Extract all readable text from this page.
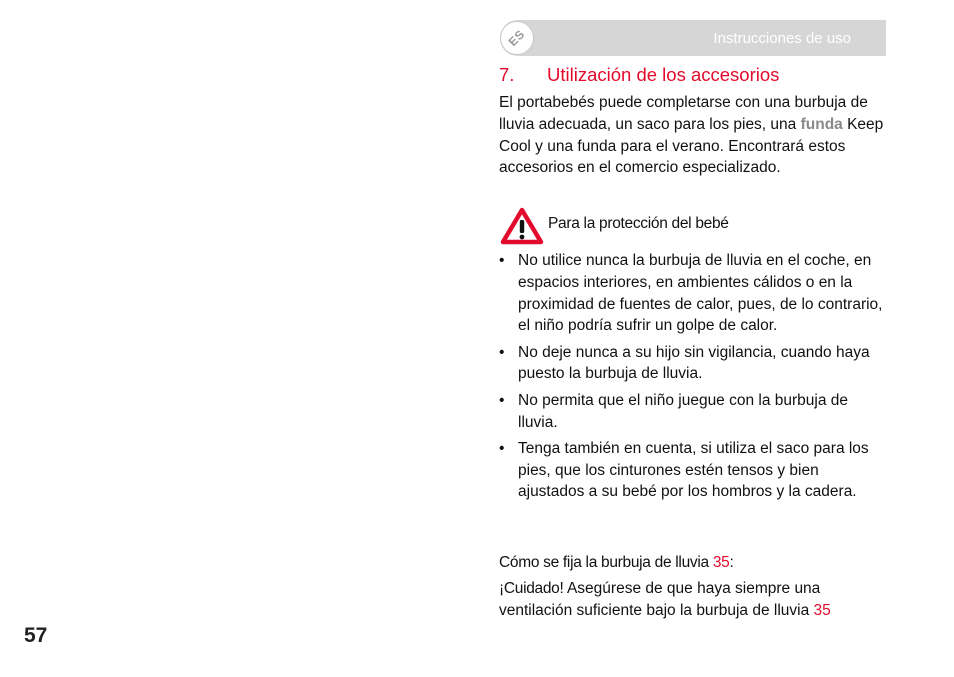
ES	Instrucciones de uso
7.	Utilización de los accesorios

El portabebés puede completarse con una burbuja de lluvia adecuada, un saco para los pies, una funda Keep Cool y una funda para el verano. Encontrará estos accesorios en el comercio especializado.

Para la protección del bebé
• No utilice nunca la burbuja de lluvia en el coche, en espacios interiores, en ambientes cálidos o en la proximidad de fuentes de calor, pues, de lo contrario, el niño podría sufrir un golpe de calor.
• No deje nunca a su hijo sin vigilancia, cuando haya puesto la burbuja de lluvia.
• No permita que el niño juegue con la burbuja de lluvia.
• Tenga también en cuenta, si utiliza el saco para los pies, que los cinturones estén tensos y bien ajustados a su bebé por los hombros y la cadera.
Cómo se fija la burbuja de lluvia 35:

¡Cuidado! Asegúrese de que haya siempre una ventilación suficiente bajo la burbuja de lluvia 35

57
